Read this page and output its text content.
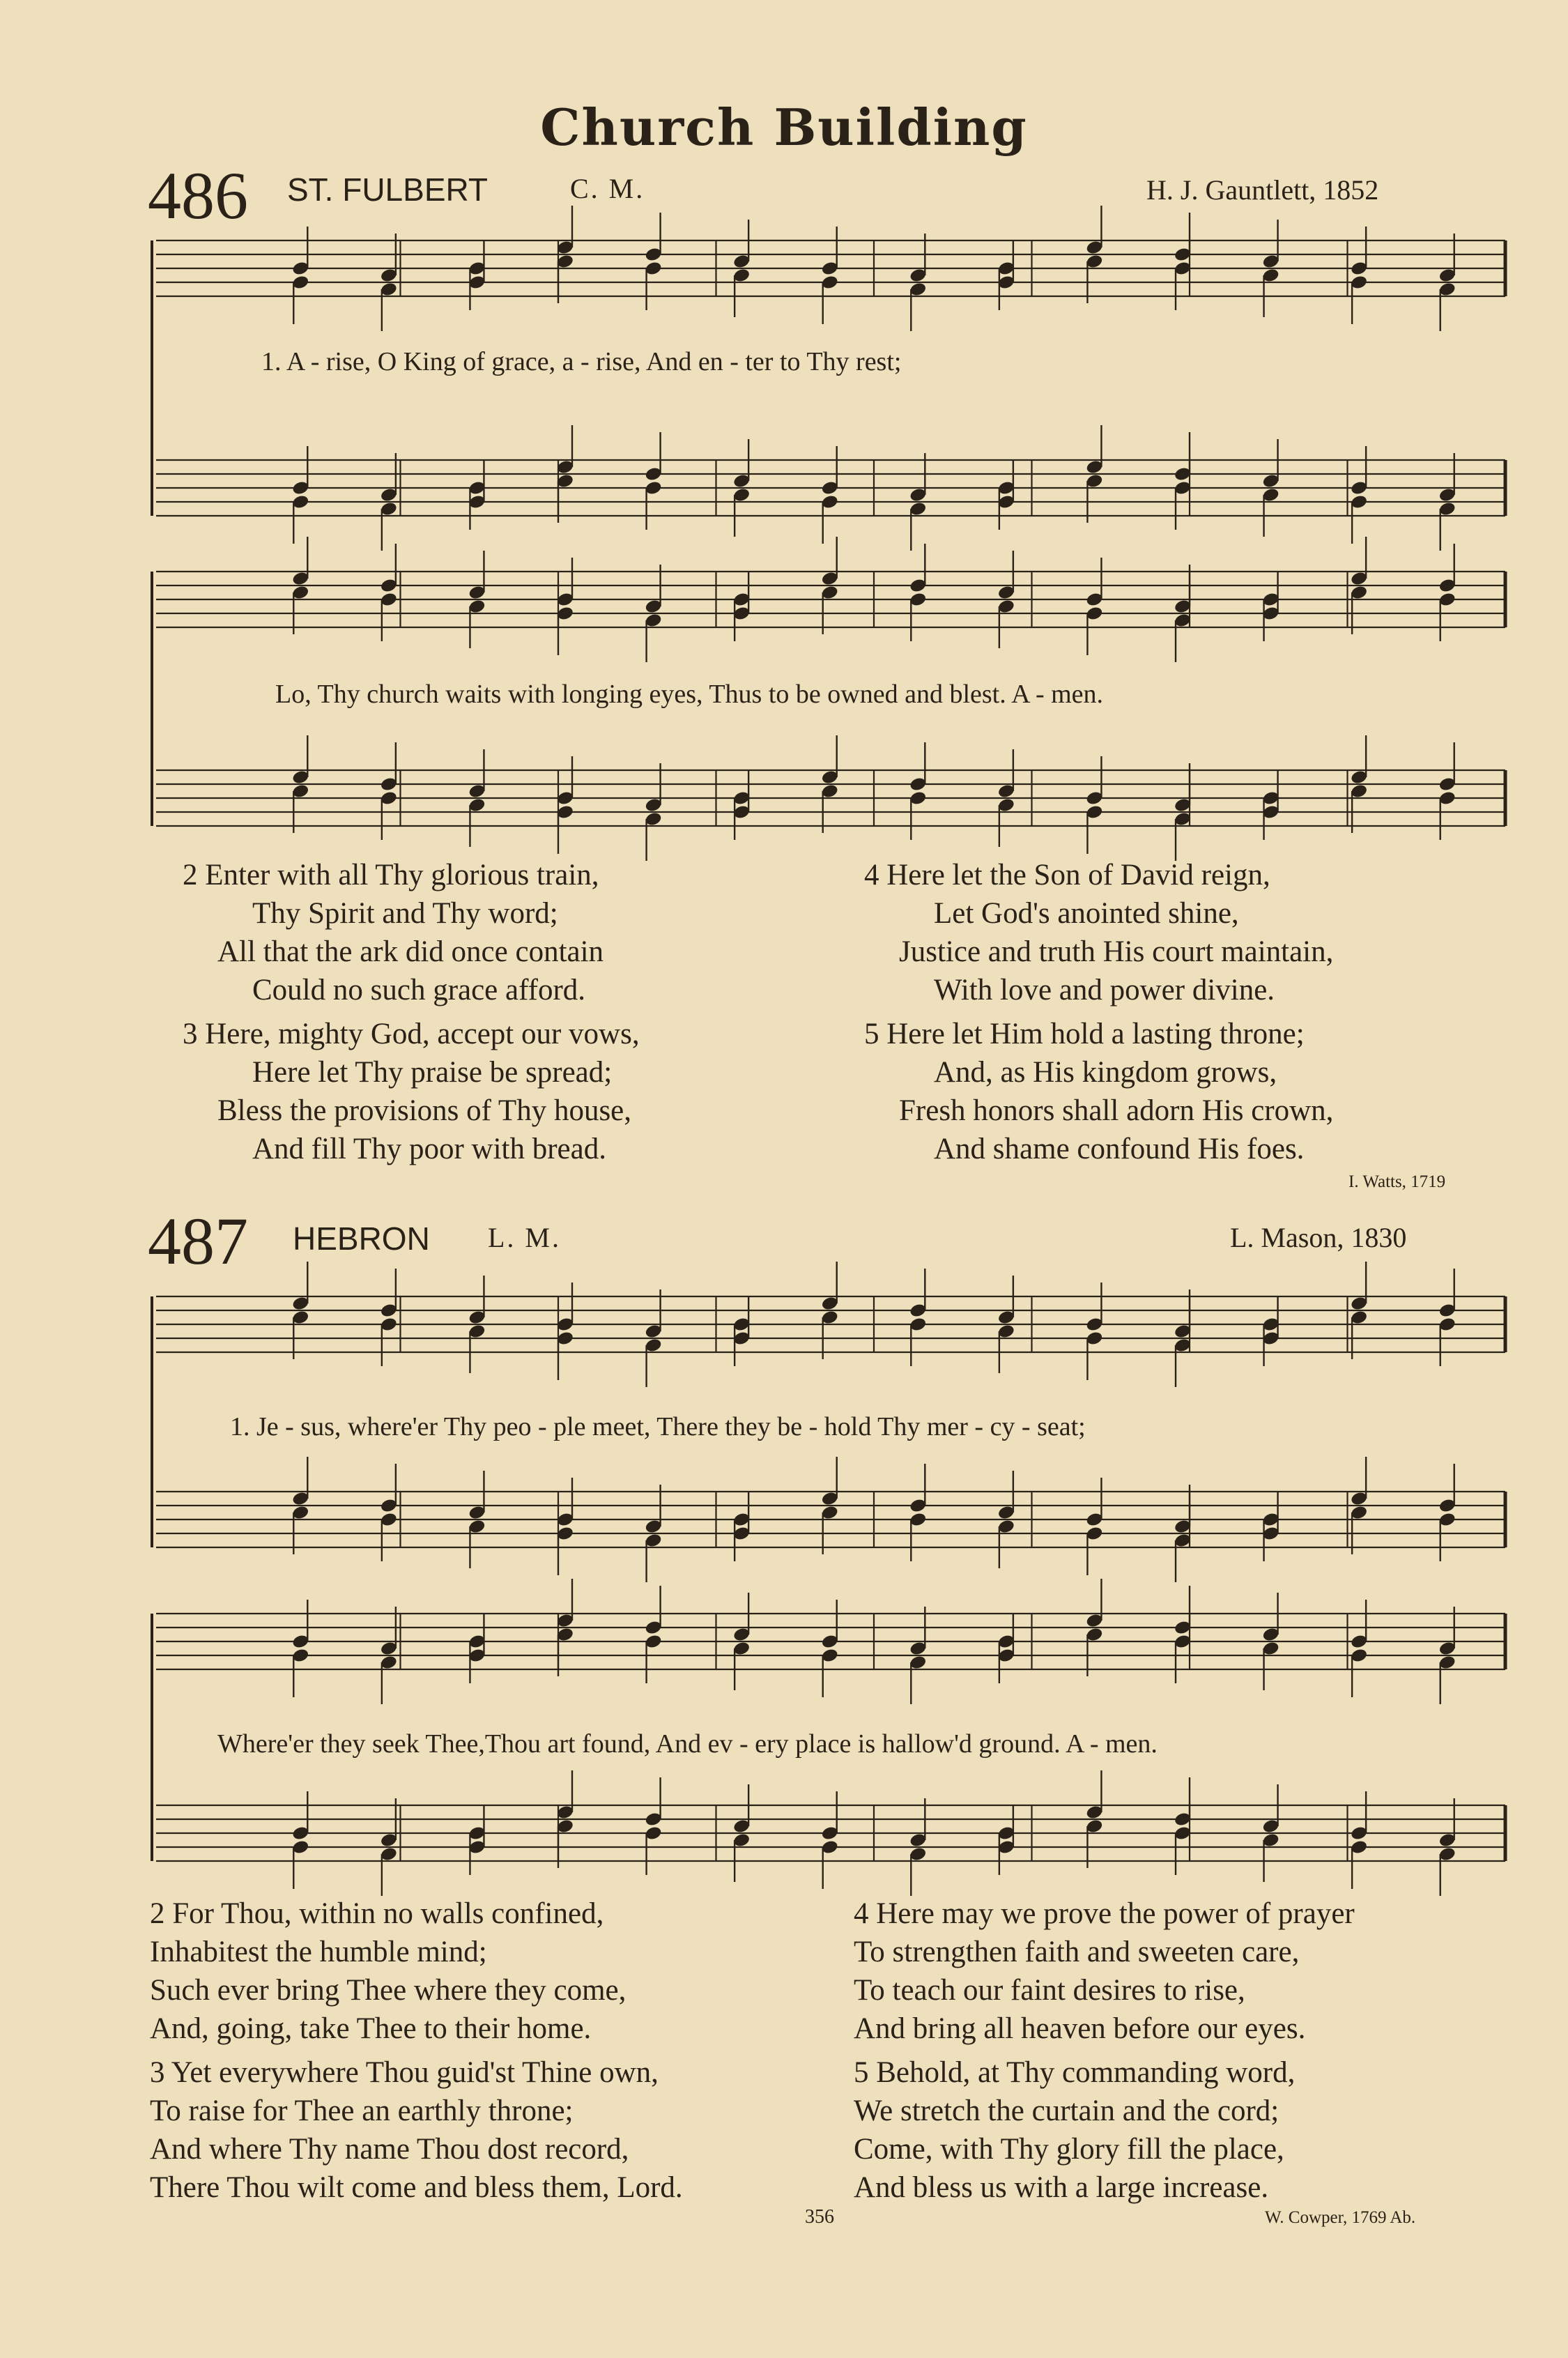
Church Building
486 ST. FULBERT	C. M.	H. J. Gauntlett, 1852
1. A - rise, O King of grace, a - rise, And en - ter to Thy rest;
Lo, Thy church waits with longing eyes, Thus to be owned and blest. A - men.
2 Enter with all Thy glorious train,
Thy Spirit and Thy word;
All that the ark did once contain
Could no such grace afford.
3 Here, mighty God, accept our vows,
Here let Thy praise be spread;
Bless the provisions of Thy house,
And fill Thy poor with bread.
4 Here let the Son of David reign,
Let God's anointed shine,
Justice and truth His court maintain,
With love and power divine.
5 Here let Him hold a lasting throne;
And, as His kingdom grows,
Fresh honors shall adorn His crown,
And shame confound His foes.
I. Watts, 1719
487 HEBRON L. M.	L. Mason, 1830
1. Je - sus, where'er Thy peo - ple meet, There they be - hold Thy mer - cy - seat;
Where'er they seek Thee,Thou art found, And ev - ery place is hallow'd ground. A - men.
2 For Thou, within no walls confined,
Inhabitest the humble mind;
Such ever bring Thee where they come,
And, going, take Thee to their home.
3 Yet everywhere Thou guid'st Thine own,
To raise for Thee an earthly throne;
And where Thy name Thou dost record,
There Thou wilt come and bless them, Lord.
4 Here may we prove the power of prayer
To strengthen faith and sweeten care,
To teach our faint desires to rise,
And bring all heaven before our eyes.
5 Behold, at Thy commanding word,
We stretch the curtain and the cord;
Come, with Thy glory fill the place,
And bless us with a large increase.
356	W. Cowper, 1769 Ab.
